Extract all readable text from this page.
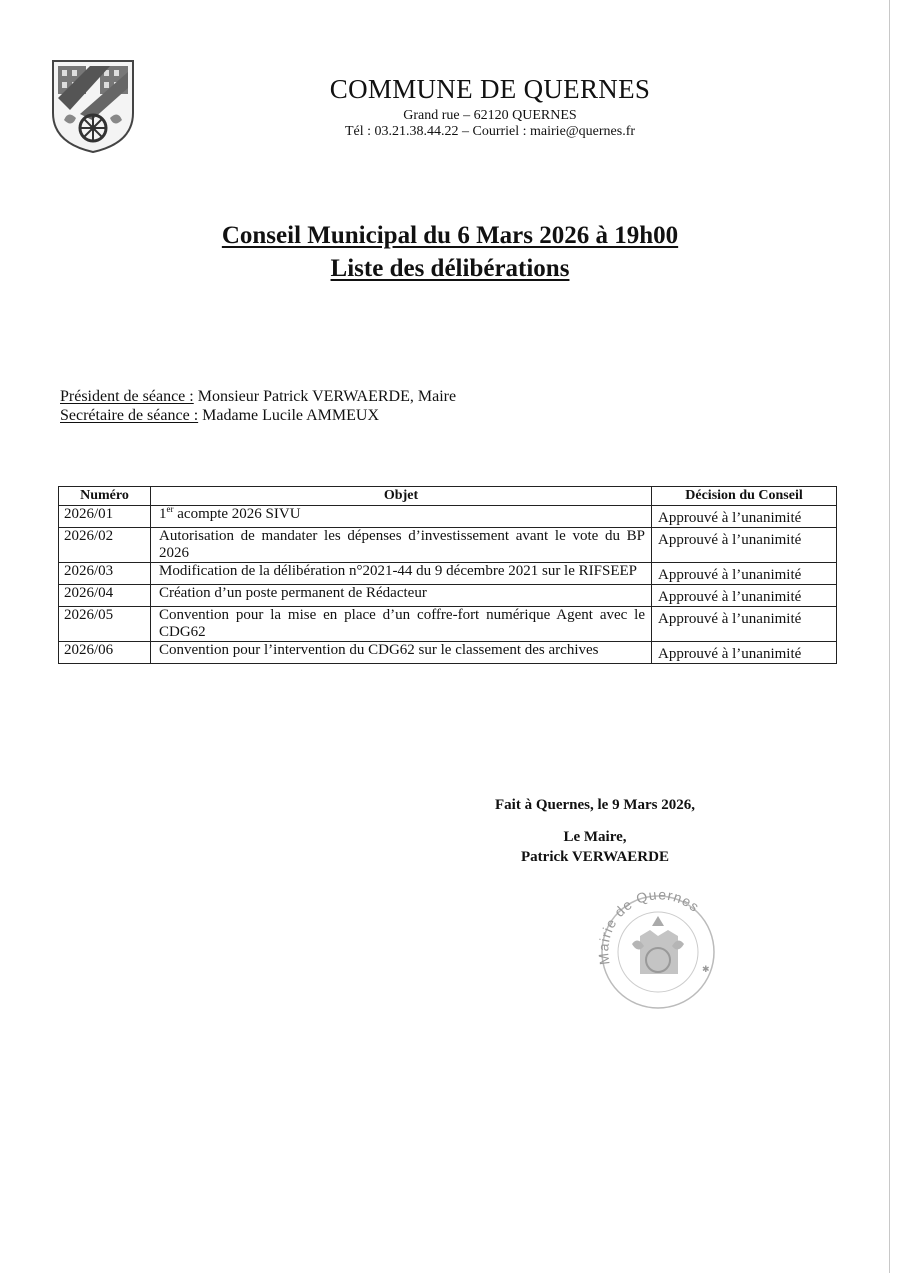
COMMUNE DE QUERNES
Grand rue – 62120 QUERNES
Tél : 03.21.38.44.22 – Courriel : mairie@quernes.fr
Conseil Municipal du 6 Mars 2026 à 19h00
Liste des délibérations
Président de séance : Monsieur Patrick VERWAERDE, Maire
Secrétaire de séance : Madame Lucile AMMEUX
Numéro	Objet	Décision du Conseil
2026/01	1er acompte 2026 SIVU	Approuvé à l’unanimité
2026/02	Autorisation de mandater les dépenses d’investissement avant le vote du BP 2026	Approuvé à l’unanimité
2026/03	Modification de la délibération n°2021-44 du 9 décembre 2021 sur le RIFSEEP	Approuvé à l’unanimité
2026/04	Création d’un poste permanent de Rédacteur	Approuvé à l’unanimité
2026/05	Convention pour la mise en place d’un coffre-fort numérique Agent avec le CDG62	Approuvé à l’unanimité
2026/06	Convention pour l’intervention du CDG62 sur le classement des archives	Approuvé à l’unanimité
Fait à Quernes, le 9 Mars 2026,
Le Maire,
Patrick VERWAERDE
Mairie de Quernes
✱
